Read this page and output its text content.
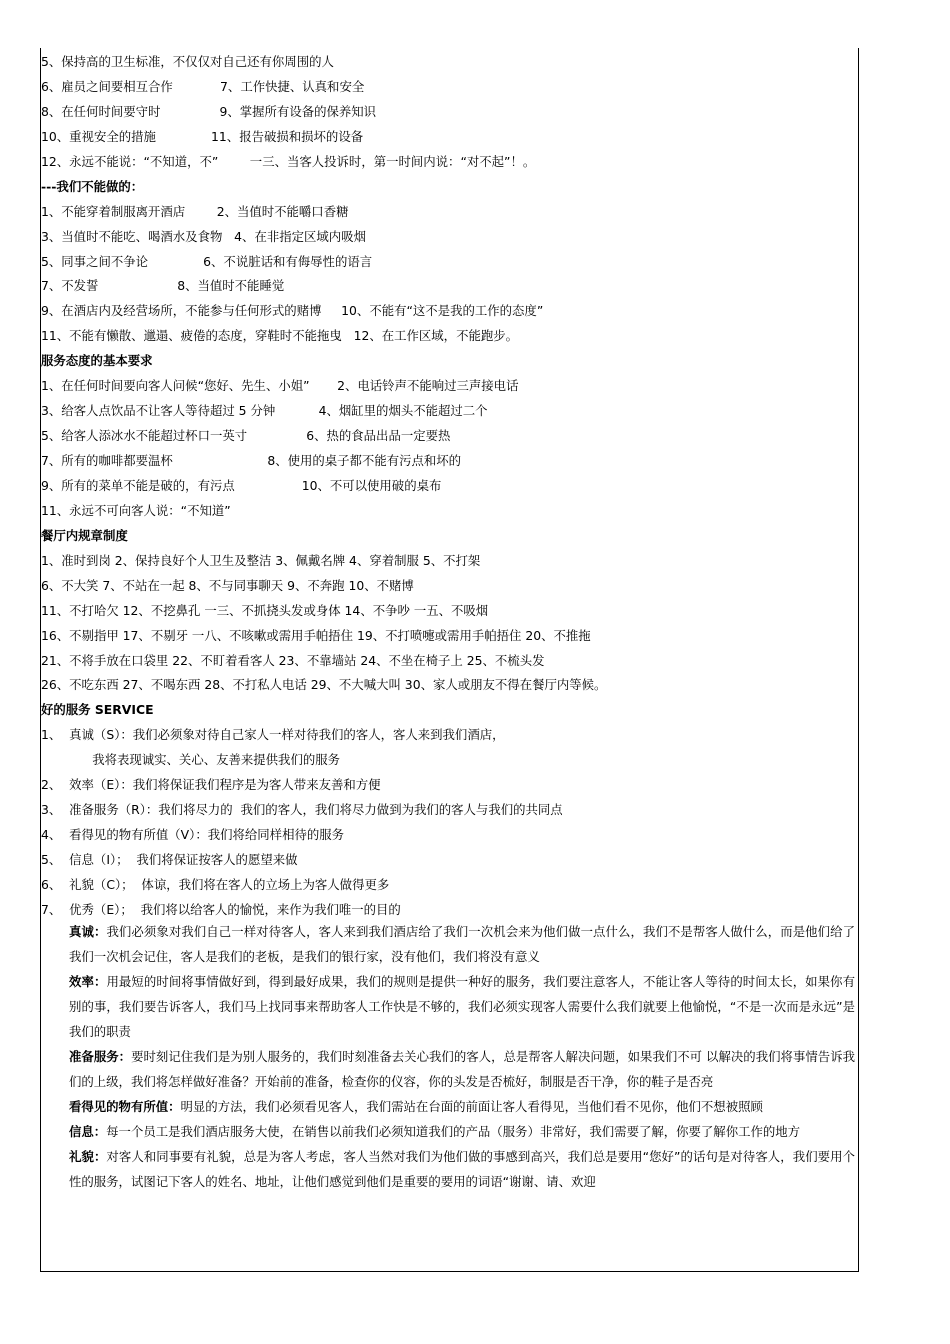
5、保持高的卫生标准，不仅仅对自己还有你周围的人
6、雇员之间要相互合作            7、工作快捷、认真和安全
8、在任何时间要守时               9、掌握所有设备的保养知识
10、重视安全的措施              11、报告破损和损坏的设备
12、永远不能说：“不知道，不”        一三、当客人投诉时，第一时间内说：“对不起”！。
---我们不能做的：
1、不能穿着制服离开酒店        2、当值时不能嚼口香糖
3、当值时不能吃、喝酒水及食物   4、在非指定区域内吸烟
5、同事之间不争论              6、不说脏话和有侮辱性的语言
7、不发誓                    8、当值时不能睡觉
9、在酒店内及经营场所，不能参与任何形式的赌博     10、不能有“这不是我的工作的态度”
11、不能有懒散、邋遢、疲倦的态度，穿鞋时不能拖曳   12、在工作区域，不能跑步。
服务态度的基本要求
1、在任何时间要向客人问候“您好、先生、小姐”       2、电话铃声不能响过三声接电话
3、给客人点饮品不让客人等待超过 5 分钟           4、烟缸里的烟头不能超过二个
5、给客人添冰水不能超过杯口一英寸               6、热的食品出品一定要热
7、所有的咖啡都要温杯                        8、使用的桌子都不能有污点和坏的
9、所有的菜单不能是破的，有污点                 10、不可以使用破的桌布
11、永远不可向客人说：“不知道”
餐厅内规章制度
1、准时到岗 2、保持良好个人卫生及整洁 3、佩戴名牌 4、穿着制服 5、不打架
6、不大笑 7、不站在一起 8、不与同事聊天 9、不奔跑 10、不赌博
11、不打哈欠 12、不挖鼻孔 一三、不抓挠头发或身体 14、不争吵 一五、不吸烟
16、不剔指甲 17、不剔牙 一八、不咳嗽或需用手帕捂住 19、不打喷嚏或需用手帕捂住 20、不推拖
21、不将手放在口袋里 22、不盯着看客人 23、不靠墙站 24、不坐在椅子上 25、不梳头发
26、不吃东西 27、不喝东西 28、不打私人电话 29、不大喊大叫 30、家人或朋友不得在餐厅内等候。
好的服务 SERVICE
1、  真诚（S）：我们必须象对待自己家人一样对待我们的客人，客人来到我们酒店，
我将表现诚实、关心、友善来提供我们的服务
2、  效率（E）：我们将保证我们程序是为客人带来友善和方便
3、  准备服务（R）：我们将尽力的  我们的客人，我们将尽力做到为我们的客人与我们的共同点
4、  看得见的物有所值（V）：我们将给同样相待的服务
5、  信息（I）；  我们将保证按客人的愿望来做
6、  礼貌（C）；  体谅，我们将在客人的立场上为客人做得更多
7、  优秀（E）；  我们将以给客人的愉悦，来作为我们唯一的目的

真诚：我们必须象对我们自己一样对待客人，客人来到我们酒店给了我们一次机会来为他们做一点什么，我们不是帮客人做什么，而是他们给了我们一次机会记住，客人是我们的老板，是我们的银行家，没有他们，我们将没有意义

效率：用最短的时间将事情做好到，得到最好成果，我们的规则是提供一种好的服务，我们要注意客人，不能让客人等待的时间太长，如果你有别的事，我们要告诉客人，我们马上找同事来帮助客人工作快是不够的，我们必须实现客人需要什么我们就要上他愉悦，“不是一次而是永远”是我们的职责

准备服务：要时刻记住我们是为别人服务的，我们时刻准备去关心我们的客人，总是帮客人解决问题，如果我们不可 以解决的我们将事情告诉我们的上级，我们将怎样做好准备？开始前的准备，检查你的仪容，你的头发是否梳好，制服是否干净，你的鞋子是否亮

看得见的物有所值：明显的方法，我们必须看见客人，我们需站在台面的前面让客人看得见，当他们看不见你，他们不想被照顾

信息：每一个员工是我们酒店服务大使，在销售以前我们必须知道我们的产品（服务）非常好，我们需要了解，你要了解你工作的地方

礼貌：对客人和同事要有礼貌，总是为客人考虑，客人当然对我们为他们做的事感到高兴，我们总是要用“您好”的话句是对待客人，我们要用个性的服务，试图记下客人的姓名、地址，让他们感觉到他们是重要的要用的词语“谢谢、请、欢迎
